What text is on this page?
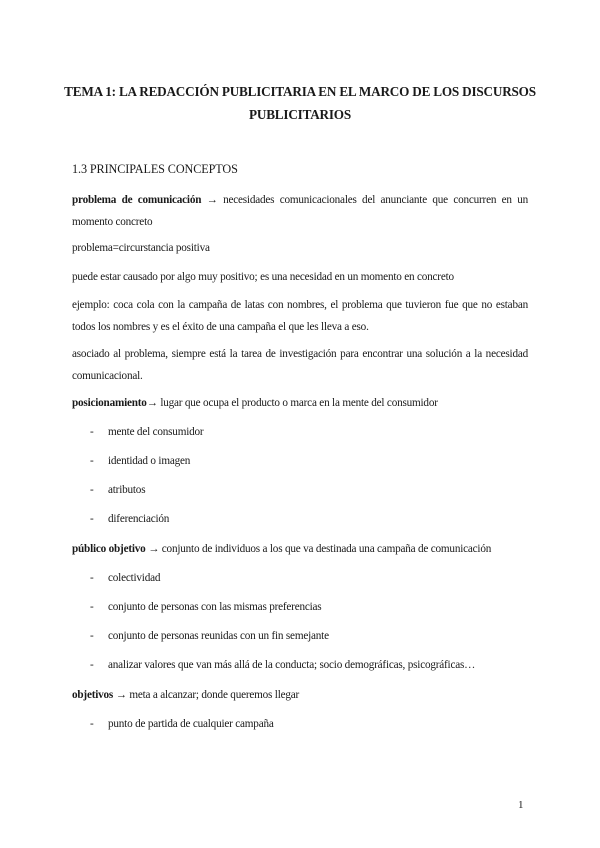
TEMA 1: LA REDACCIÓN PUBLICITARIA EN EL MARCO DE LOS DISCURSOS
PUBLICITARIOS
1.3 PRINCIPALES CONCEPTOS
problema de comunicación → necesidades comunicacionales del anunciante que concurren en un momento concreto
problema=circurstancia positiva
puede estar causado por algo muy positivo; es una necesidad en un momento en concreto
ejemplo: coca cola con la campaña de latas con nombres, el problema que tuvieron fue que no estaban todos los nombres y es el éxito de una campaña el que les lleva a eso.
asociado al problema, siempre está la tarea de investigación para encontrar una solución a la necesidad comunicacional.
posicionamiento→ lugar que ocupa el producto o marca en la mente del consumidor
- mente del consumidor
- identidad o imagen
- atributos
- diferenciación
público objetivo → conjunto de individuos a los que va destinada una campaña de comunicación
- colectividad
- conjunto de personas con las mismas preferencias
- conjunto de personas reunidas con un fin semejante
- analizar valores que van más allá de la conducta; socio demográficas, psicográficas…
objetivos → meta a alcanzar; donde queremos llegar
- punto de partida de cualquier campaña
1
